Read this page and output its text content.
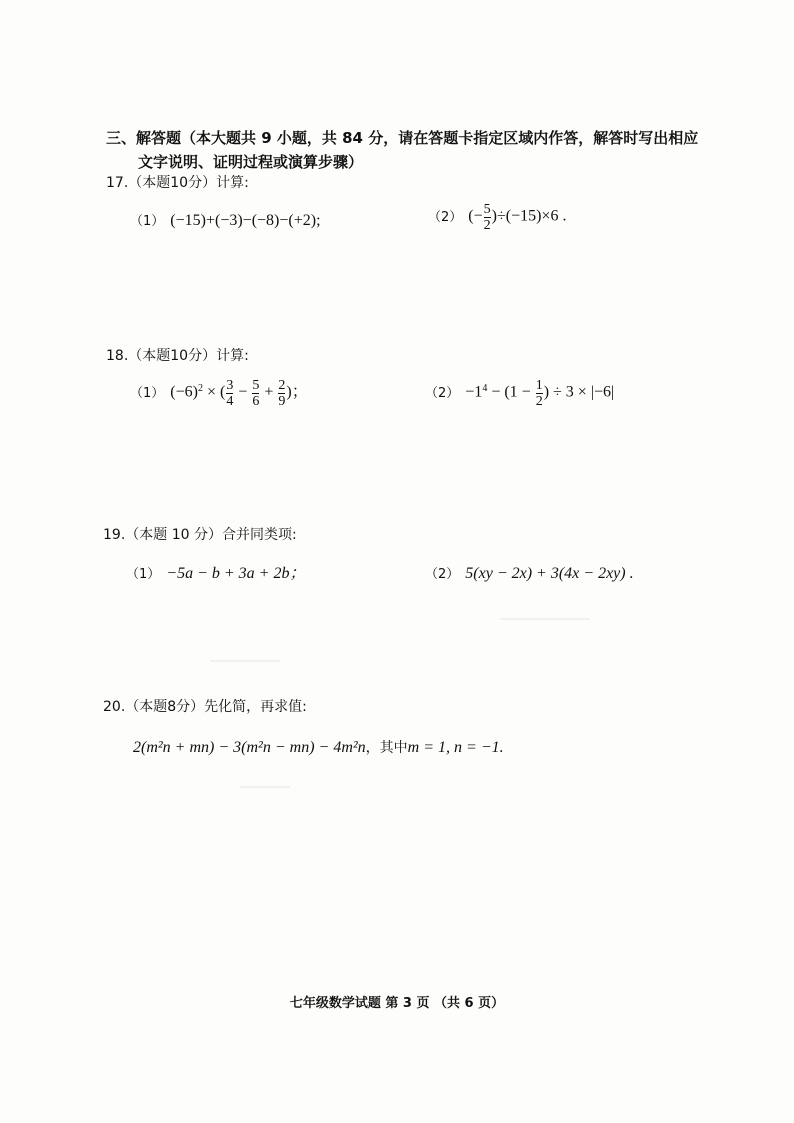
三、解答题（本大题共 9 小题，共 84 分，请在答题卡指定区域内作答，解答时写出相应
文字说明、证明过程或演算步骤）
17.（本题10分）计算:
（1） (−15)+(−3)−(−8)−(+2);	（2） (− $\frac{5}{2} )\div(-15)\times 6$ .
18.（本题10分）计算:
（1） $(-6)^2$ × ( $\frac{3}{4} - \frac{5}{6} + \frac{2}{9}$ )；	$(2) -1^4 - (1 - \frac{1}{2}$ ) ÷ 3 × |−6|
19.（本题 10 分）合并同类项:
（1） −5a − b + 3a + 2b；	（2） 5(xy − 2x) + 3(4x − 2xy) .
20.（本题8分）先化简，再求值:
2(m²n + mn) − 3(m²n − mn) − 4m²n，其中m = 1, n = −1.
七年级数学试题 第 3 页 （共 6 页）
